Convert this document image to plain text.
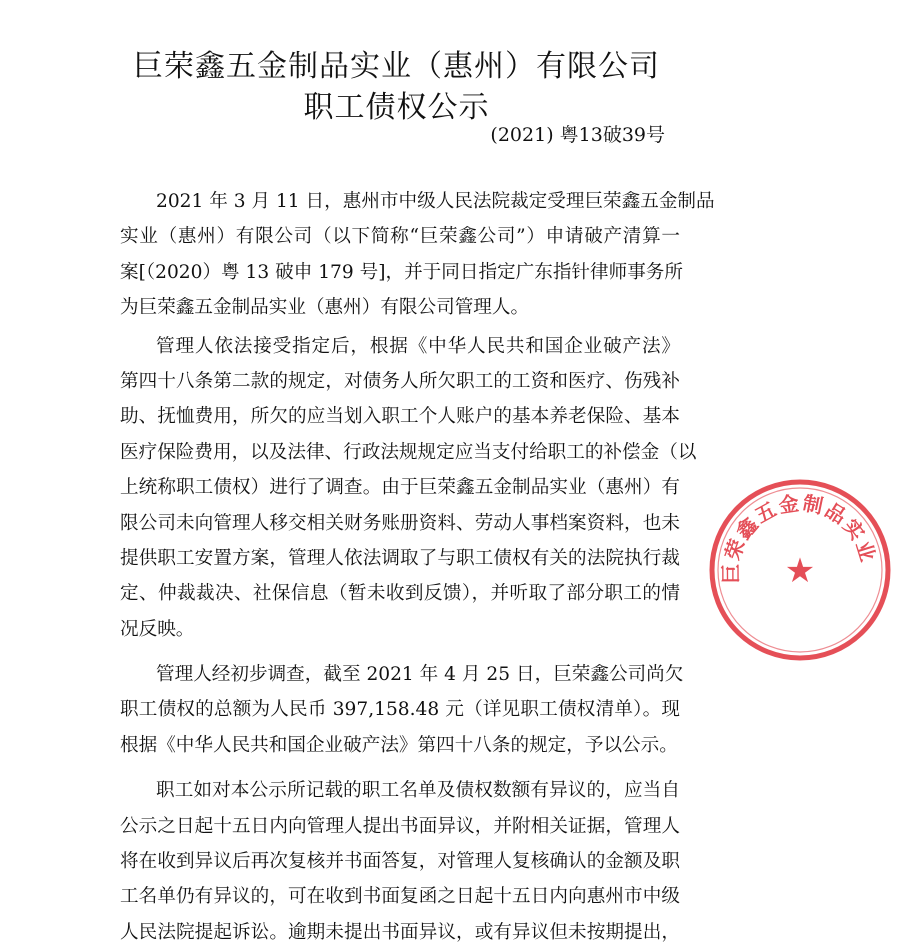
巨荣鑫五金制品实业（惠州）有限公司
职工债权公示
(2021) 粤13破39号
2021 年 3 月 11 日，惠州市中级人民法院裁定受理巨荣鑫五金制品
实业（惠州）有限公司（以下简称“巨荣鑫公司”）申请破产清算一
案[（2020）粤 13 破申 179 号]，并于同日指定广东指针律师事务所
为巨荣鑫五金制品实业（惠州）有限公司管理人。
管理人依法接受指定后，根据《中华人民共和国企业破产法》
第四十八条第二款的规定，对债务人所欠职工的工资和医疗、伤残补
助、抚恤费用，所欠的应当划入职工个人账户的基本养老保险、基本
医疗保险费用，以及法律、行政法规规定应当支付给职工的补偿金（以
上统称职工债权）进行了调查。由于巨荣鑫五金制品实业（惠州）有
限公司未向管理人移交相关财务账册资料、劳动人事档案资料，也未
提供职工安置方案，管理人依法调取了与职工债权有关的法院执行裁
定、仲裁裁决、社保信息（暂未收到反馈），并听取了部分职工的情
况反映。
管理人经初步调查，截至 2021 年 4 月 25 日，巨荣鑫公司尚欠
职工债权的总额为人民币 397,158.48 元（详见职工债权清单）。现
根据《中华人民共和国企业破产法》第四十八条的规定，予以公示。
职工如对本公示所记载的职工名单及债权数额有异议的，应当自
公示之日起十五日内向管理人提出书面异议，并附相关证据，管理人
将在收到异议后再次复核并书面答复，对管理人复核确认的金额及职
工名单仍有异议的，可在收到书面复函之日起十五日内向惠州市中级
人民法院提起诉讼。逾期未提出书面异议，或有异议但未按期提出，
巨荣鑫五金制品实业
★
